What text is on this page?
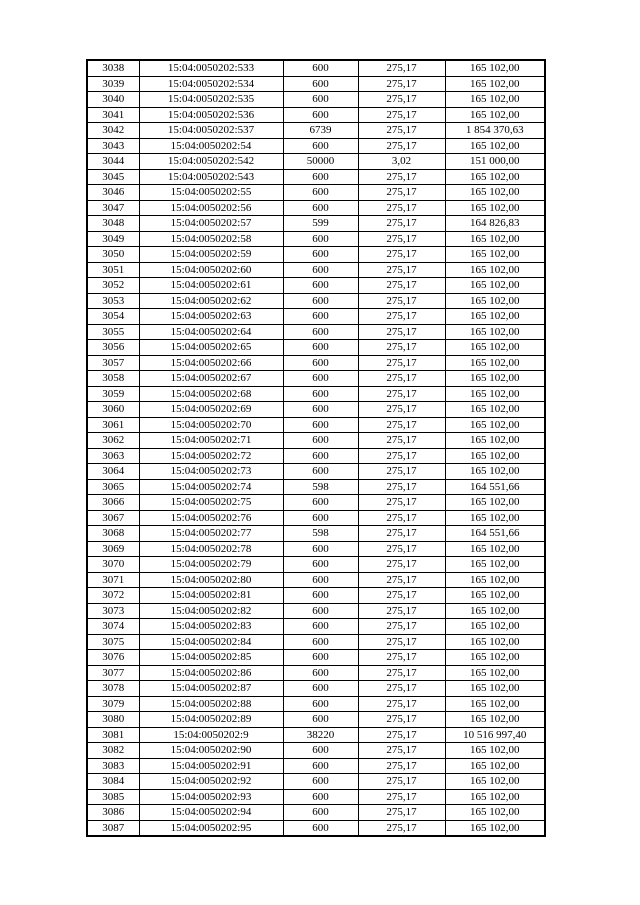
3038	15:04:0050202:533	600	275,17	165 102,00
3039	15:04:0050202:534	600	275,17	165 102,00
3040	15:04:0050202:535	600	275,17	165 102,00
3041	15:04:0050202:536	600	275,17	165 102,00
3042	15:04:0050202:537	6739	275,17	1 854 370,63
3043	15:04:0050202:54	600	275,17	165 102,00
3044	15:04:0050202:542	50000	3,02	151 000,00
3045	15:04:0050202:543	600	275,17	165 102,00
3046	15:04:0050202:55	600	275,17	165 102,00
3047	15:04:0050202:56	600	275,17	165 102,00
3048	15:04:0050202:57	599	275,17	164 826,83
3049	15:04:0050202:58	600	275,17	165 102,00
3050	15:04:0050202:59	600	275,17	165 102,00
3051	15:04:0050202:60	600	275,17	165 102,00
3052	15:04:0050202:61	600	275,17	165 102,00
3053	15:04:0050202:62	600	275,17	165 102,00
3054	15:04:0050202:63	600	275,17	165 102,00
3055	15:04:0050202:64	600	275,17	165 102,00
3056	15:04:0050202:65	600	275,17	165 102,00
3057	15:04:0050202:66	600	275,17	165 102,00
3058	15:04:0050202:67	600	275,17	165 102,00
3059	15:04:0050202:68	600	275,17	165 102,00
3060	15:04:0050202:69	600	275,17	165 102,00
3061	15:04:0050202:70	600	275,17	165 102,00
3062	15:04:0050202:71	600	275,17	165 102,00
3063	15:04:0050202:72	600	275,17	165 102,00
3064	15:04:0050202:73	600	275,17	165 102,00
3065	15:04:0050202:74	598	275,17	164 551,66
3066	15:04:0050202:75	600	275,17	165 102,00
3067	15:04:0050202:76	600	275,17	165 102,00
3068	15:04:0050202:77	598	275,17	164 551,66
3069	15:04:0050202:78	600	275,17	165 102,00
3070	15:04:0050202:79	600	275,17	165 102,00
3071	15:04:0050202:80	600	275,17	165 102,00
3072	15:04:0050202:81	600	275,17	165 102,00
3073	15:04:0050202:82	600	275,17	165 102,00
3074	15:04:0050202:83	600	275,17	165 102,00
3075	15:04:0050202:84	600	275,17	165 102,00
3076	15:04:0050202:85	600	275,17	165 102,00
3077	15:04:0050202:86	600	275,17	165 102,00
3078	15:04:0050202:87	600	275,17	165 102,00
3079	15:04:0050202:88	600	275,17	165 102,00
3080	15:04:0050202:89	600	275,17	165 102,00
3081	15:04:0050202:9	38220	275,17	10 516 997,40
3082	15:04:0050202:90	600	275,17	165 102,00
3083	15:04:0050202:91	600	275,17	165 102,00
3084	15:04:0050202:92	600	275,17	165 102,00
3085	15:04:0050202:93	600	275,17	165 102,00
3086	15:04:0050202:94	600	275,17	165 102,00
3087	15:04:0050202:95	600	275,17	165 102,00
